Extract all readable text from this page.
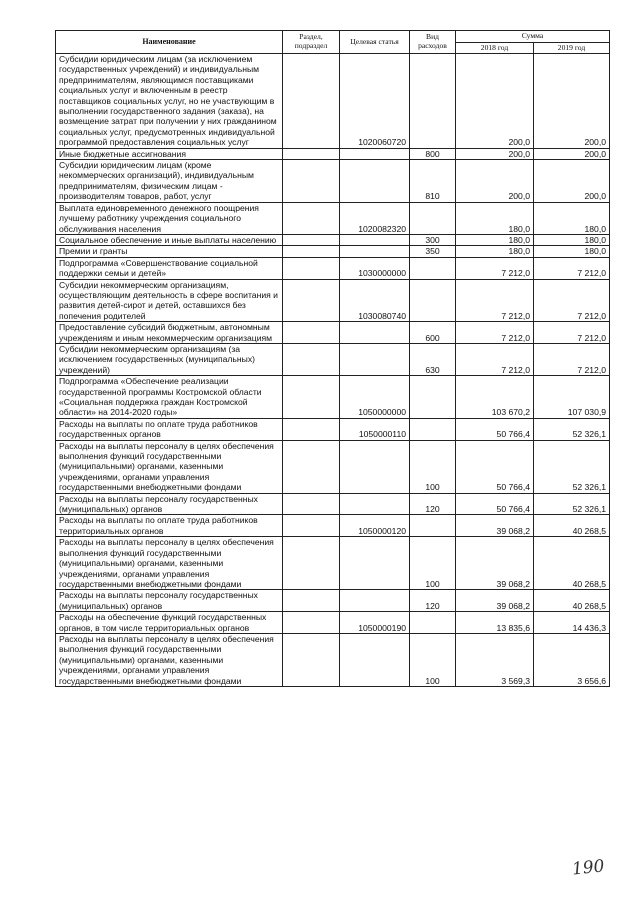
Наименование	Раздел, подраздел	Целевая статья	Вид расходов	Сумма	
				2018 год	2019 год
Субсидии юридическим лицам (за исключением государственных учреждений) и индивидуальным предпринимателям, являющимся поставщиками социальных услуг и включенным в реестр поставщиков социальных услуг, но не участвующим в выполнении государственного задания (заказа), на возмещение затрат при получении у них гражданином социальных услуг, предусмотренных индивидуальной программой предоставления социальных услуг		1020060720		200,0	200,0
Иные бюджетные ассигнования			800	200,0	200,0
Субсидии юридическим лицам (кроме некоммерческих организаций), индивидуальным предпринимателям, физическим лицам - производителям товаров, работ, услуг			810	200,0	200,0
Выплата единовременного денежного поощрения лучшему работнику учреждения социального обслуживания населения		1020082320		180,0	180,0
Социальное обеспечение и иные выплаты населению			300	180,0	180,0
Премии и гранты			350	180,0	180,0
Подпрограмма «Совершенствование социальной поддержки семьи и детей»		1030000000		7 212,0	7 212,0
Субсидии некоммерческим организациям, осуществляющим деятельность в сфере воспитания и развития детей-сирот и детей, оставшихся без попечения родителей		1030080740		7 212,0	7 212,0
Предоставление субсидий бюджетным, автономным учреждениям и иным некоммерческим организациям			600	7 212,0	7 212,0
Субсидии некоммерческим организациям (за исключением государственных (муниципальных) учреждений)			630	7 212,0	7 212,0
Подпрограмма «Обеспечение реализации государственной программы Костромской области «Социальная поддержка граждан Костромской области» на 2014-2020 годы»		1050000000		103 670,2	107 030,9
Расходы на выплаты по оплате труда работников государственных органов		1050000110		50 766,4	52 326,1
Расходы на выплаты персоналу в целях обеспечения выполнения функций государственными (муниципальными) органами, казенными учреждениями, органами управления государственными внебюджетными фондами			100	50 766,4	52 326,1
Расходы на выплаты персоналу государственных (муниципальных) органов			120	50 766,4	52 326,1
Расходы на выплаты по оплате труда работников территориальных органов		1050000120		39 068,2	40 268,5
Расходы на выплаты персоналу в целях обеспечения выполнения функций государственными (муниципальными) органами, казенными учреждениями, органами управления государственными внебюджетными фондами			100	39 068,2	40 268,5
Расходы на выплаты персоналу государственных (муниципальных) органов			120	39 068,2	40 268,5
Расходы на обеспечение функций государственных органов, в том числе территориальных органов		1050000190		13 835,6	14 436,3
Расходы на выплаты персоналу в целях обеспечения выполнения функций государственными (муниципальными) органами, казенными учреждениями, органами управления государственными внебюджетными фондами			100	3 569,3	3 656,6
190
